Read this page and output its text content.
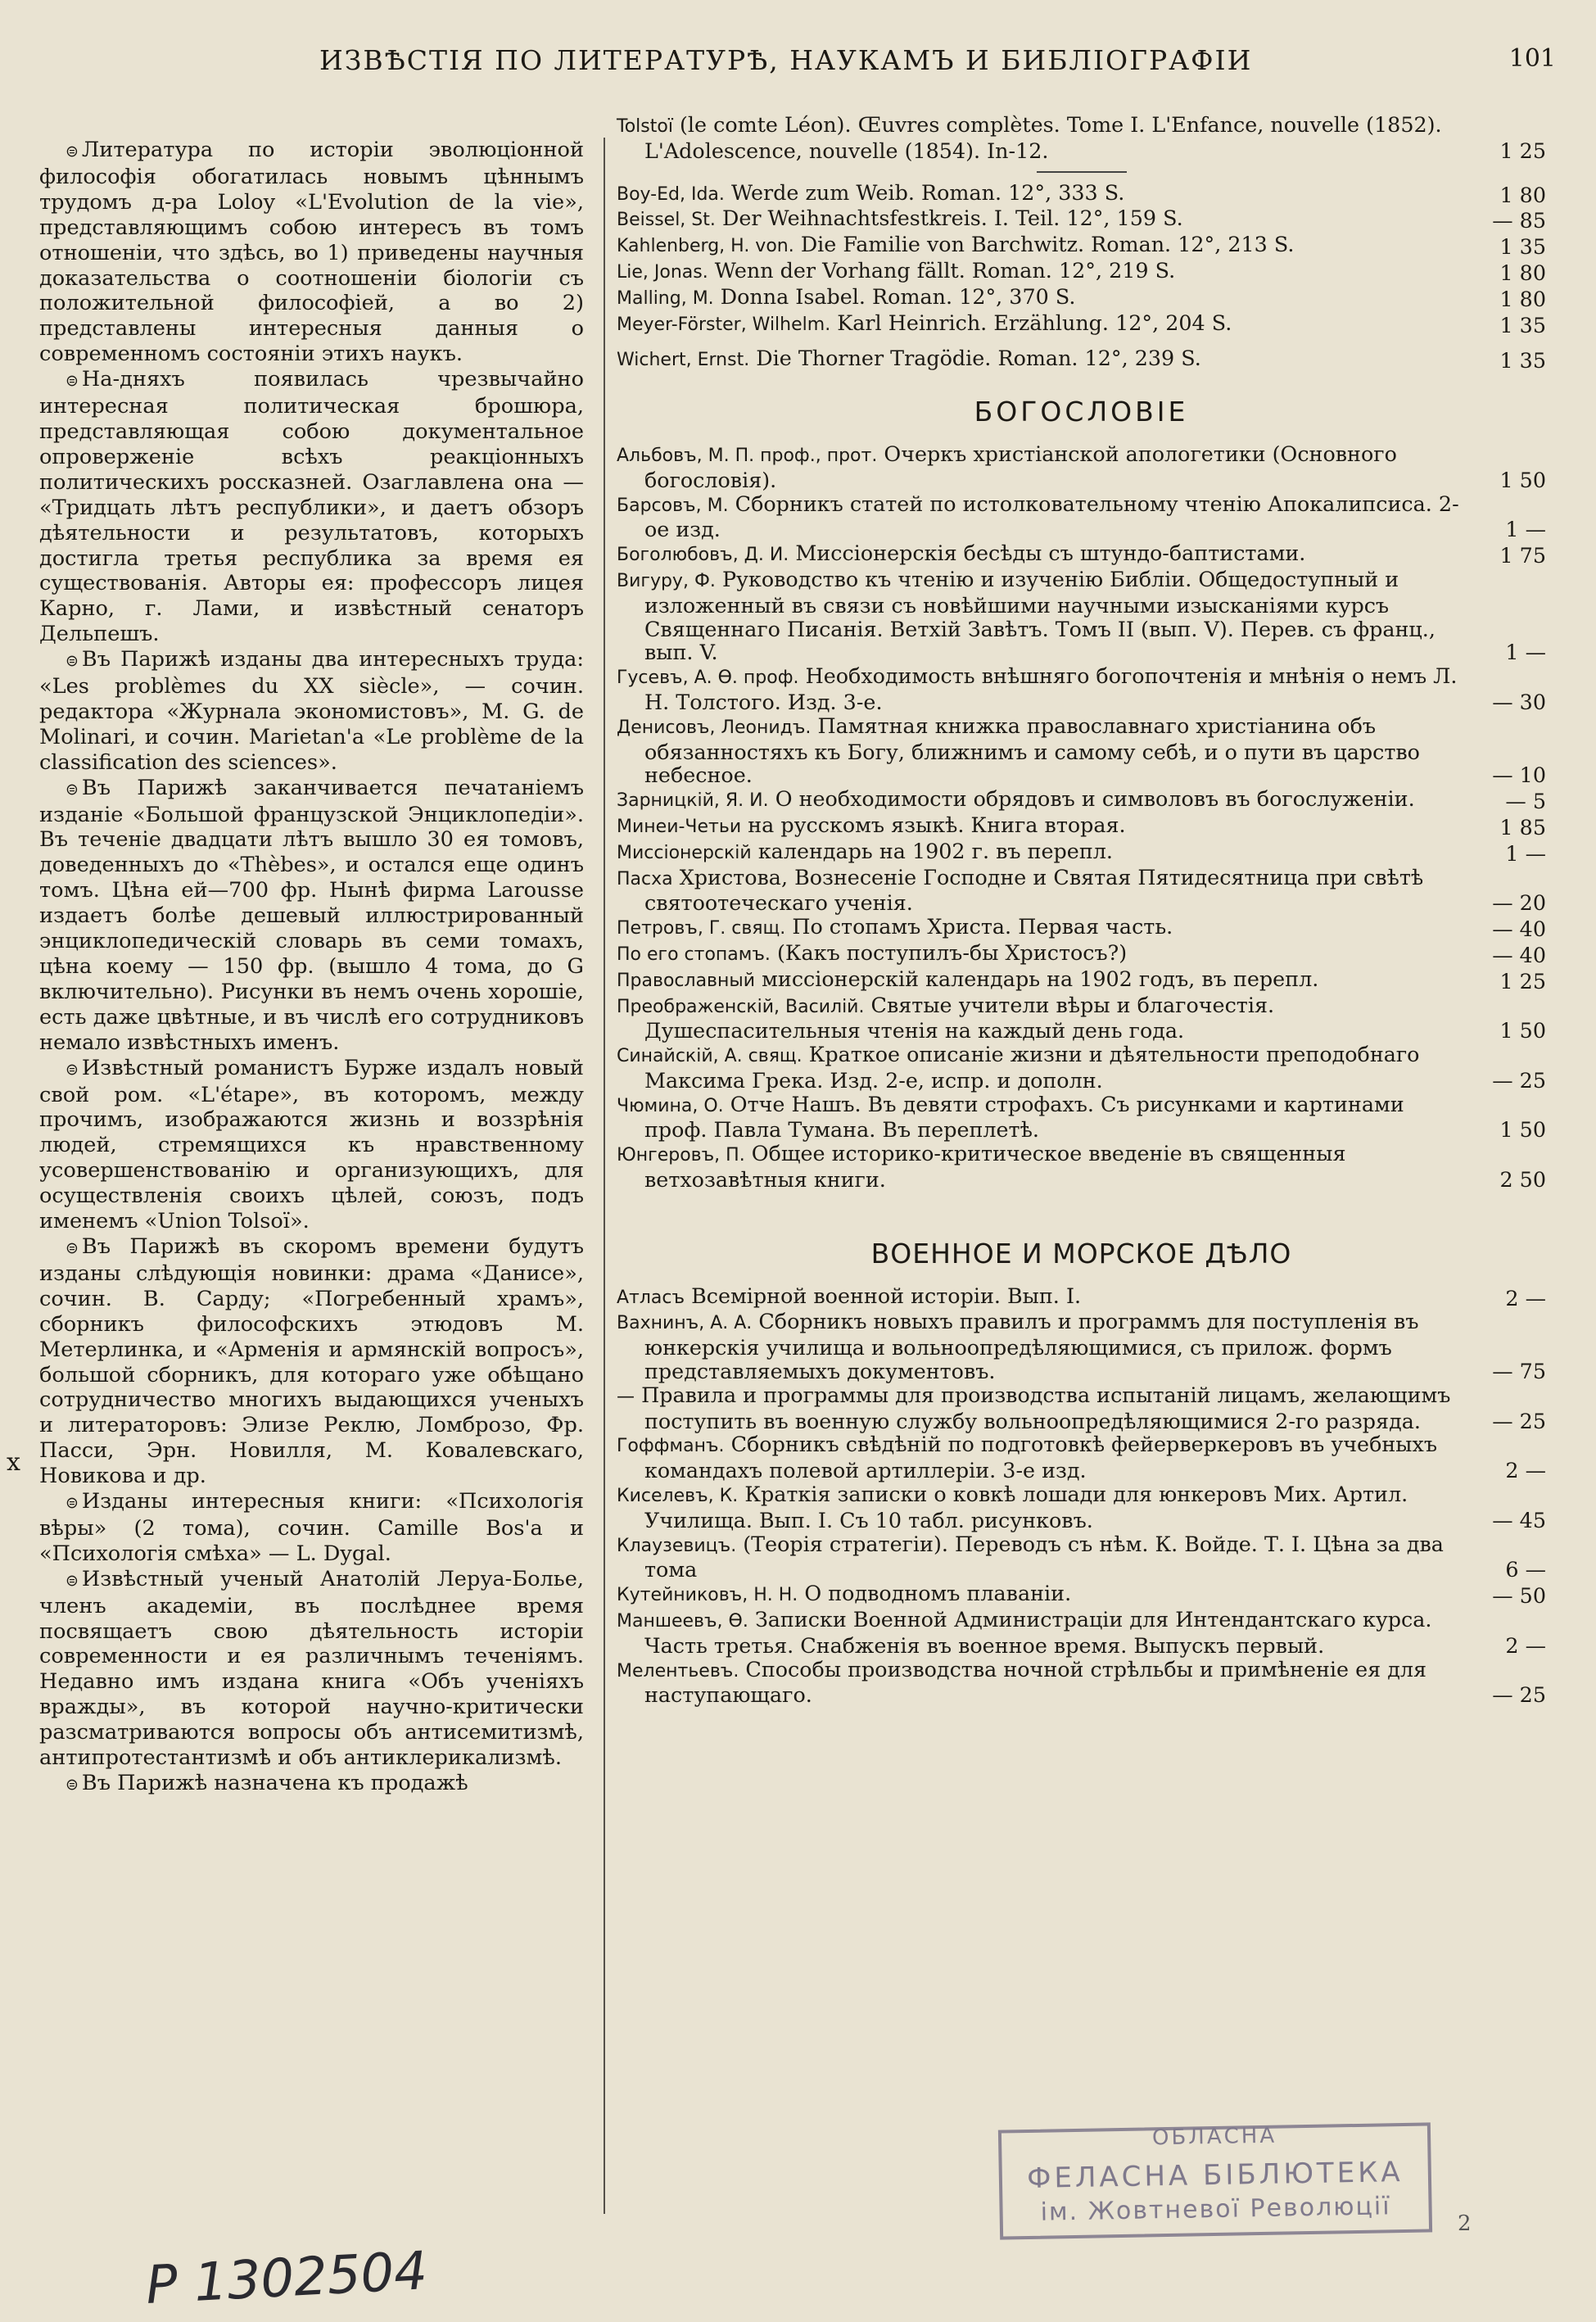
ИЗВѢСТІЯ ПО ЛИТЕРАТУРѢ, НАУКАМЪ И БИБЛІОГРАФІИ	101
x

⊜ Литература по исторіи эволюціонной философія обогатилась новымъ цѣннымъ трудомъ д-ра Loloy «L'Evolution de la vie», представляющимъ собою интересъ въ томъ отношеніи, что здѣсь, во 1) приведены научныя доказательства о соотношеніи біологіи съ положительной философіей, а во 2) представлены интересныя данныя о современномъ состояніи этихъ наукъ.

⊜ На-дняхъ появилась чрезвычайно интересная политическая брошюра, представляющая собою документальное опроверженіе всѣхъ реакціонныхъ политическихъ россказней. Озаглавлена она — «Тридцать лѣтъ республики», и даетъ обзоръ дѣятельности и результатовъ, которыхъ достигла третья республика за время ея существованія. Авторы ея: профессоръ лицея Карно, г. Лами, и извѣстный сенаторъ Дельпешъ.

⊜ Въ Парижѣ изданы два интересныхъ труда: «Les problèmes du XX siècle», — сочин. редактора «Журнала экономистовъ», M. G. de Molinari, и сочин. Marietan'a «Le problème de la classification des sciences».

⊜ Въ Парижѣ заканчивается печатаніемъ изданіе «Большой французской Энциклопедіи». Въ теченіе двадцати лѣтъ вышло 30 ея томовъ, доведенныхъ до «Thèbes», и остался еще одинъ томъ. Цѣна ей—700 фр. Нынѣ фирма Larousse издаетъ болѣе дешевый иллюстрированный энциклопедическій словарь въ семи томахъ, цѣна коему — 150 фр. (вышло 4 тома, до G включительно). Рисунки въ немъ очень хорошіе, есть даже цвѣтные, и въ числѣ его сотрудниковъ немало извѣстныхъ именъ.

⊜ Извѣстный романистъ Бурже издалъ новый свой ром. «L'étape», въ которомъ, между прочимъ, изображаются жизнь и воззрѣнія людей, стремящихся къ нравственному усовершенствованію и организующихъ, для осуществленія своихъ цѣлей, союзъ, подъ именемъ «Union Tolsoï».

⊜ Въ Парижѣ въ скоромъ времени будутъ изданы слѣдующія новинки: драма «Данисе», сочин. В. Сарду; «Погребенный храмъ», сборникъ философскихъ этюдовъ М. Метерлинка, и «Арменія и армянскій вопросъ», большой сборникъ, для котораго уже обѣщано сотрудничество многихъ выдающихся ученыхъ и литераторовъ: Элизе Реклю, Ломброзо, Фр. Пасси, Эрн. Новилля, М. Ковалевскаго, Новикова и др.

⊜ Изданы интересныя книги: «Психологія вѣры» (2 тома), сочин. Camille Bos'a и «Психологія смѣха» — L. Dygal.

⊜ Извѣстный ученый Анатолій Леруа-Болье, членъ академіи, въ послѣднее время посвящаетъ свою дѣятельность исторіи современности и ея различнымъ теченіямъ. Недавно имъ издана книга «Объ ученіяхъ вражды», въ которой научно-критически разсматриваются вопросы объ антисемитизмѣ, антипротестантизмѣ и объ антиклерикализмѣ.

⊜ Въ Парижѣ назначена къ продажѣ

Tolstoï (le comte Léon). Œuvres complètes. Tome I. L'Enfance, nouvelle (1852). L'Adolescence, nouvelle (1854). In-12.	1 25
Boy-Ed, Ida. Werde zum Weib. Roman. 12°, 333 S.	1 80
Beissel, St. Der Weihnachtsfestkreis. I. Teil. 12°, 159 S.	— 85
Kahlenberg, H. von. Die Familie von Barchwitz. Roman. 12°, 213 S.	1 35
Lie, Jonas. Wenn der Vorhang fällt. Roman. 12°, 219 S.	1 80
Malling, M. Donna Isabel. Roman. 12°, 370 S.	1 80
Meyer-Förster, Wilhelm. Karl Heinrich. Erzählung. 12°, 204 S.	1 35
Wichert, Ernst. Die Thorner Tragödie. Roman. 12°, 239 S.	1 35
БОГОСЛОВІЕ
Альбовъ, М. П. проф., прот. Очеркъ христіанской апологетики (Основного богословія).	1 50
Барсовъ, М. Сборникъ статей по истолковательному чтенію Апокалипсиса. 2-ое изд.	1 —
Боголюбовъ, Д. И. Миссіонерскія бесѣды съ штундо-баптистами.	1 75
Вигуру, Ф. Руководство къ чтенію и изученію Библіи. Общедоступный и изложенный въ связи съ новѣйшими научными изысканіями курсъ Священнаго Писанія. Ветхій Завѣтъ. Томъ II (вып. V). Перев. съ франц., вып. V.	1 —
Гусевъ, А. Ѳ. проф. Необходимость внѣшняго богопочтенія и мнѣнія о немъ Л. Н. Толстого. Изд. 3-е.	— 30
Денисовъ, Леонидъ. Памятная книжка православнаго христіанина объ обязанностяхъ къ Богу, ближнимъ и самому себѣ, и о пути въ царство небесное.	— 10
Зарницкій, Я. И. О необходимости обрядовъ и символовъ въ богослуженіи.	— 5
Минеи-Четьи на русскомъ языкѣ. Книга вторая.	1 85
Миссіонерскій календарь на 1902 г. въ перепл.	1 —
Пасха Христова, Вознесеніе Господне и Святая Пятидесятница при свѣтѣ святоотеческаго ученія.	— 20
Петровъ, Г. свящ. По стопамъ Христа. Первая часть.	— 40
По его стопамъ. (Какъ поступилъ-бы Христосъ?)	— 40
Православный миссіонерскій календарь на 1902 годъ, въ перепл.	1 25
Преображенскій, Василій. Святые учители вѣры и благочестія. Душеспасительныя чтенія на каждый день года.	1 50
Синайскій, А. свящ. Краткое описаніе жизни и дѣятельности преподобнаго Максима Грека. Изд. 2-е, испр. и дополн.	— 25
Чюмина, О. Отче Нашъ. Въ девяти строфахъ. Съ рисунками и картинами проф. Павла Тумана. Въ переплетѣ.	1 50
Юнгеровъ, П. Общее историко-критическое введеніе въ священныя ветхозавѣтныя книги.	2 50
ВОЕННОЕ И МОРСКОЕ ДѢЛО
Атласъ Всемірной военной исторіи. Вып. I.	2 —
Вахнинъ, А. А. Сборникъ новыхъ правилъ и программъ для поступленія въ юнкерскія училища и вольноопредѣляющимися, съ прилож. формъ представляемыхъ документовъ.	— 75
— Правила и программы для производства испытаній лицамъ, желающимъ поступить въ военную службу вольноопредѣляющимися 2-го разряда.	— 25
Гоффманъ. Сборникъ свѣдѣній по подготовкѣ фейерверкеровъ въ учебныхъ командахъ полевой артиллеріи. 3-е изд.	2 —
Киселевъ, К. Краткія записки о ковкѣ лошади для юнкеровъ Мих. Артил. Училища. Вып. I. Съ 10 табл. рисунковъ.	— 45
Клаузевицъ. (Теорія стратегіи). Переводъ съ нѣм. К. Войде. Т. I. Цѣна за два тома	6 —
Кутейниковъ, Н. Н. О подводномъ плаваніи.	— 50
Маншеевъ, Ѳ. Записки Военной Администраціи для Интендантскаго курса. Часть третья. Снабженія въ военное время. Выпускъ первый.	2 —
Мелентьевъ. Способы производства ночной стрѣльбы и примѣненіе ея для наступающаго.	— 25
ОБЛАСНА
ФЕЛАСНА БІБЛЮТЕКА
ім. Жовтневої Революції	2
Р 1302504
